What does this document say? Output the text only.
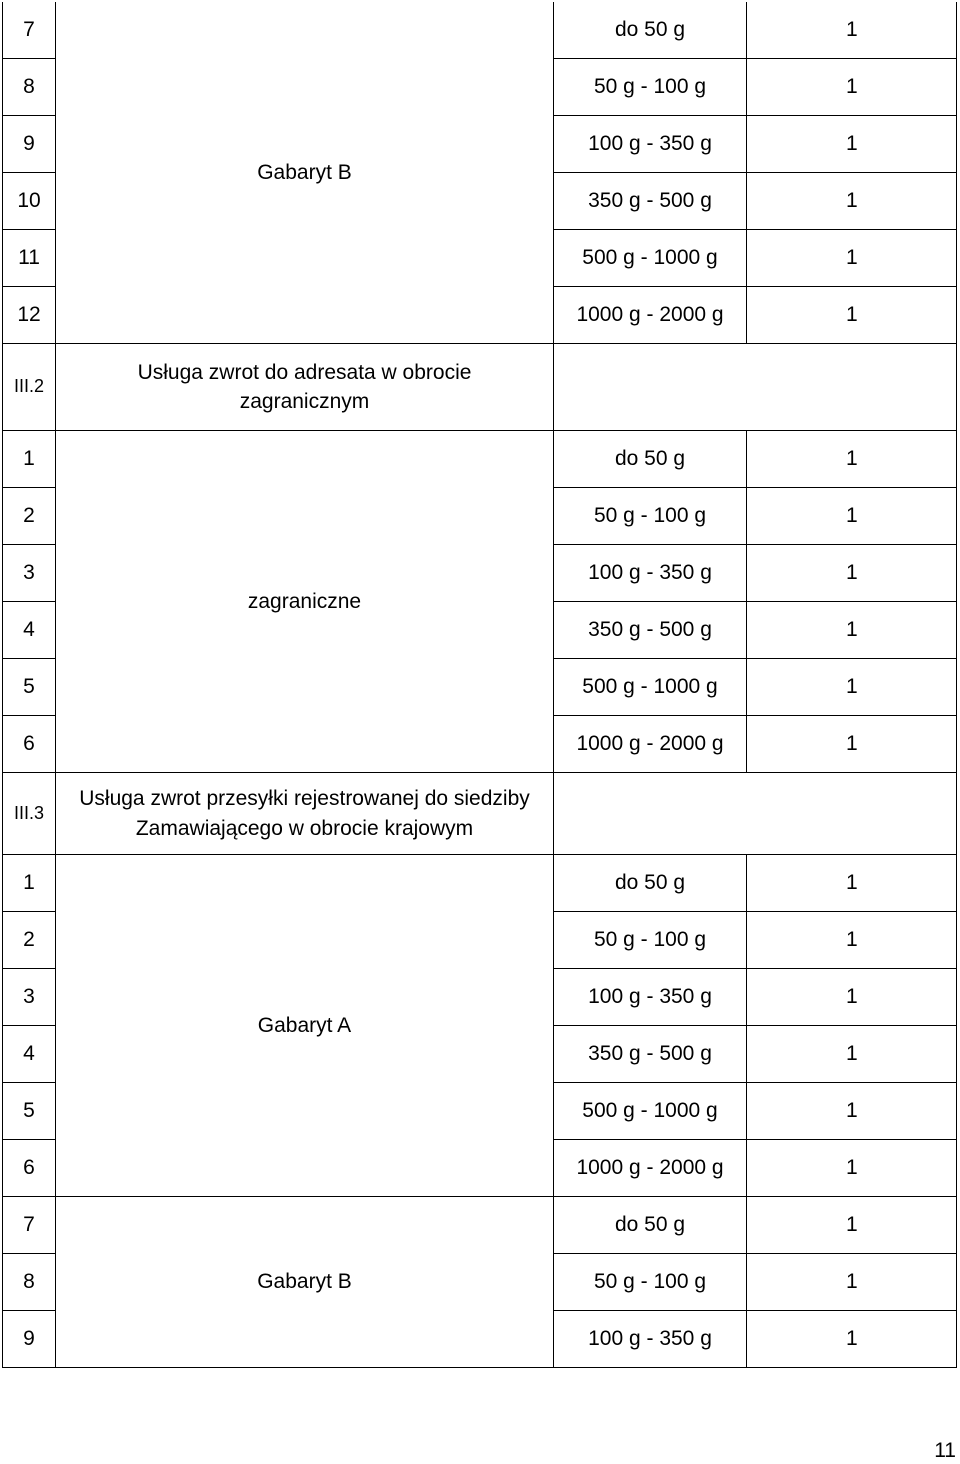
7	Gabaryt B	do 50 g	1
8		50 g - 100 g	1
9		100 g - 350 g	1
10		350 g - 500 g	1
11		500 g - 1000 g	1
12		1000 g - 2000 g	1
III.2	Usługa zwrot do adresata w obrocie zagranicznym		
1	zagraniczne	do 50 g	1
2		50 g - 100 g	1
3		100 g - 350 g	1
4		350 g - 500 g	1
5		500 g - 1000 g	1
6		1000 g - 2000 g	1
III.3	Usługa zwrot przesyłki rejestrowanej do siedziby Zamawiającego w obrocie krajowym		
1	Gabaryt A	do 50 g	1
2		50 g - 100 g	1
3		100 g - 350 g	1
4		350 g - 500 g	1
5		500 g - 1000 g	1
6		1000 g - 2000 g	1
7	Gabaryt B	do 50 g	1
8		50 g - 100 g	1
9		100 g - 350 g	1
11
